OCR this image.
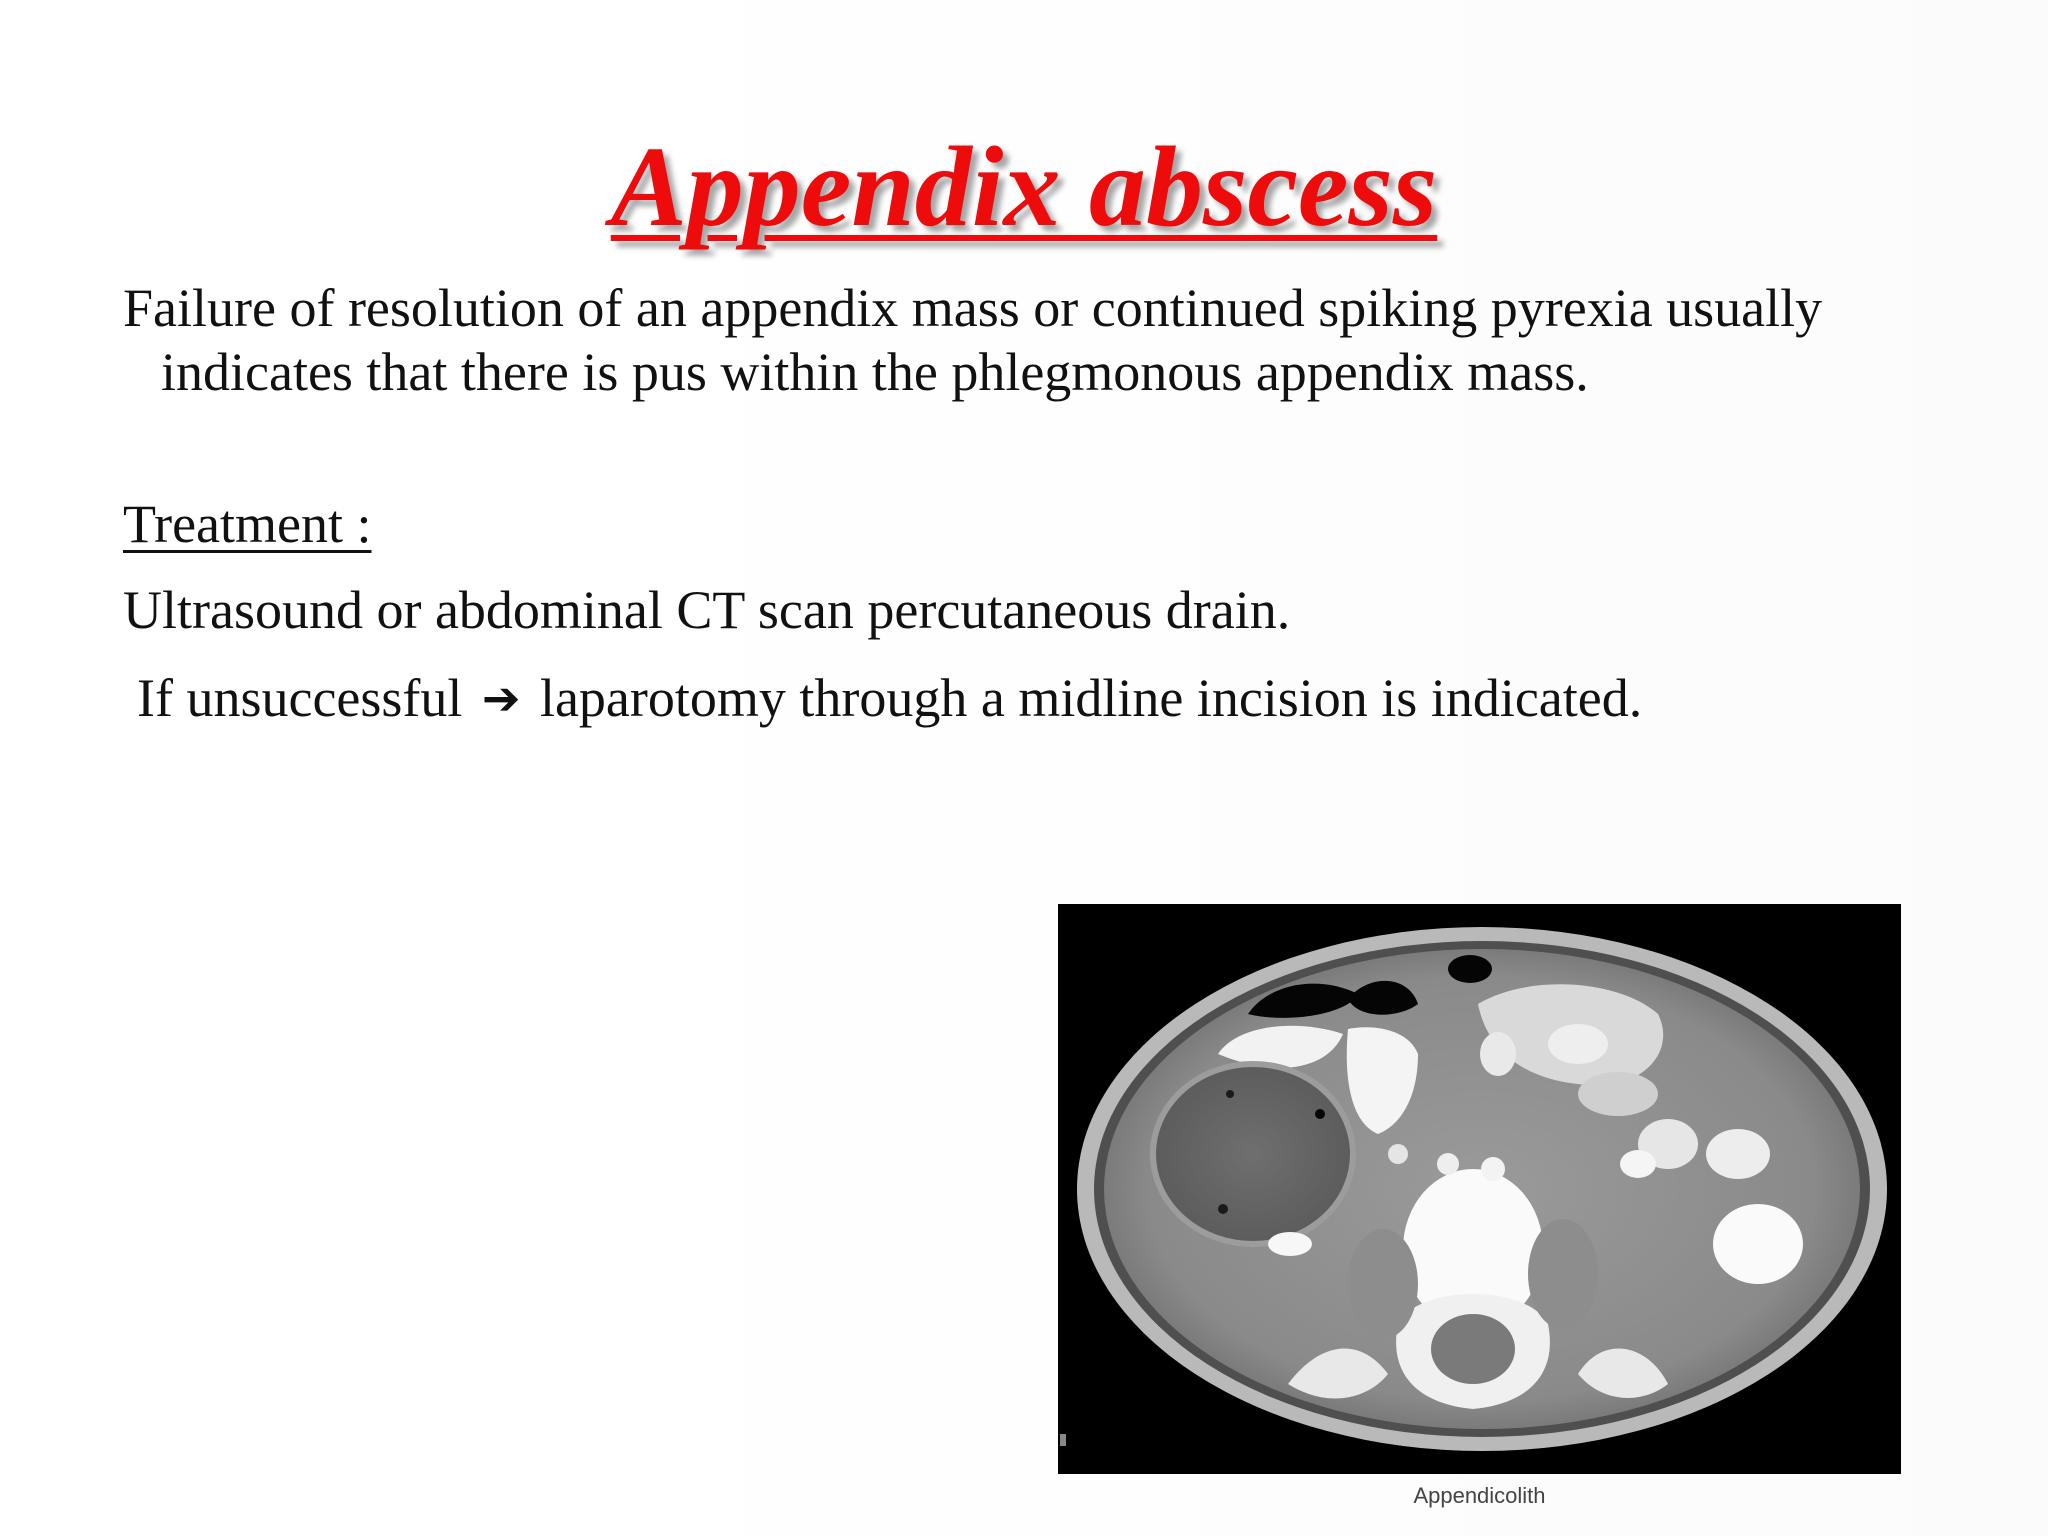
Appendix abscess

Failure of resolution of an appendix mass or continued spiking pyrexia usually indicates that there is pus within the phlegmonous appendix mass.

Treatment :

Ultrasound or abdominal CT scan percutaneous drain.

If unsuccessful ➔ laparotomy through a midline incision is indicated.

Appendicolith
